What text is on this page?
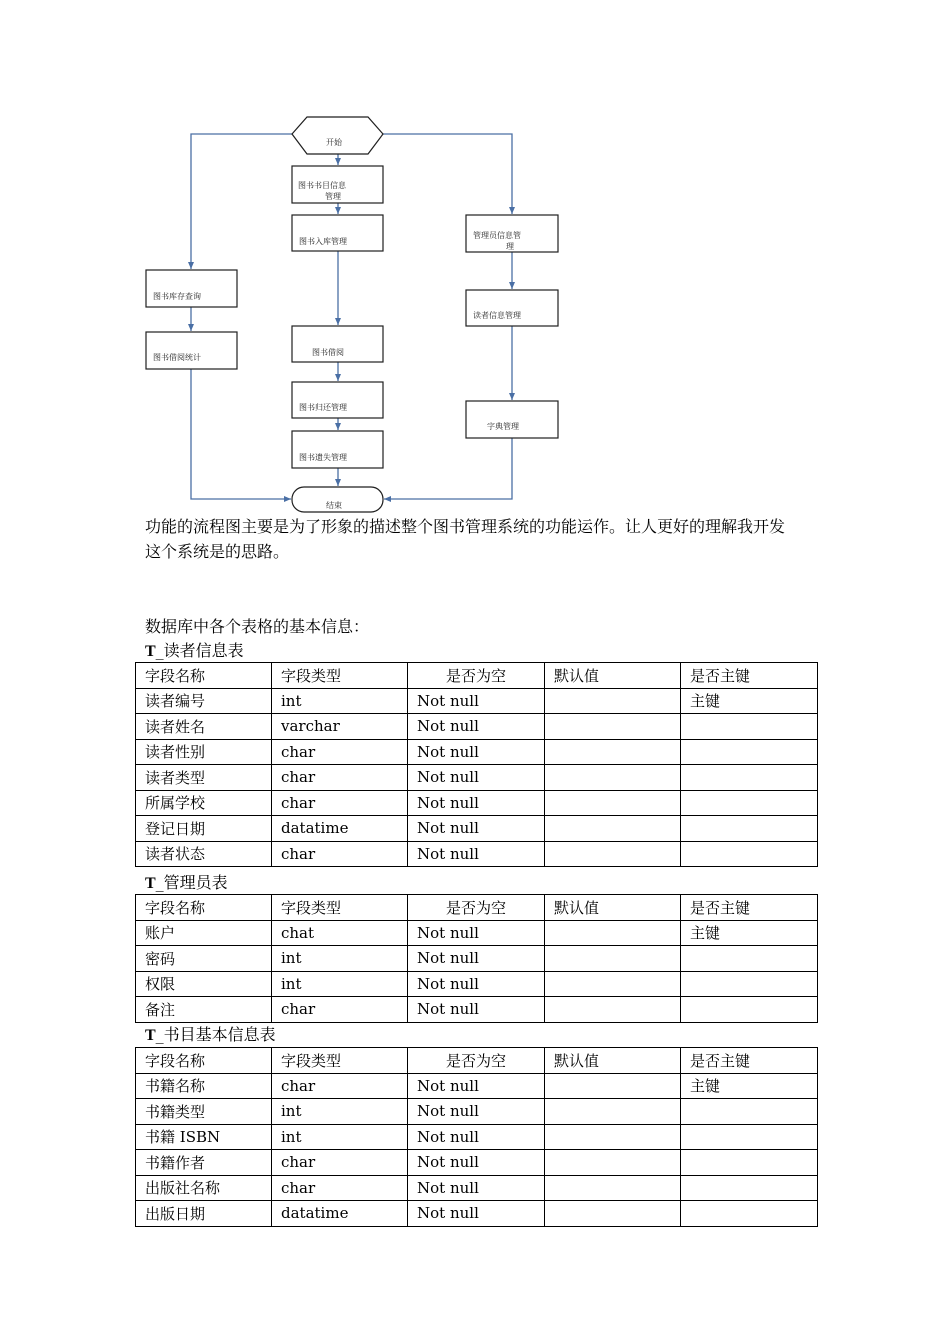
开始
图书书目信息 管理
图书入库管理
图书借阅
图书归还管理
图书遗失管理
图书库存查询
图书借阅统计
管理员信息管 理
读者信息管理
字典管理
结束

功能的流程图主要是为了形象的描述整个图书管理系统的功能运作。让人更好的理解我开发
这个系统是的思路。

数据库中各个表格的基本信息：

T_读者信息表

字段名称	字段类型	是否为空	默认值	是否主键
读者编号	int	Not null		主键
读者姓名	varchar	Not null		
读者性别	char	Not null		
读者类型	char	Not null		
所属学校	char	Not null		
登记日期	datatime	Not null		
读者状态	char	Not null		

T_管理员表

字段名称	字段类型	是否为空	默认值	是否主键
账户	chat	Not null		主键
密码	int	Not null		
权限	int	Not null		
备注	char	Not null		

T_书目基本信息表

字段名称	字段类型	是否为空	默认值	是否主键
书籍名称	char	Not null		主键
书籍类型	int	Not null		
书籍 ISBN	int	Not null		
书籍作者	char	Not null		
出版社名称	char	Not null		
出版日期	datatime	Not null		
